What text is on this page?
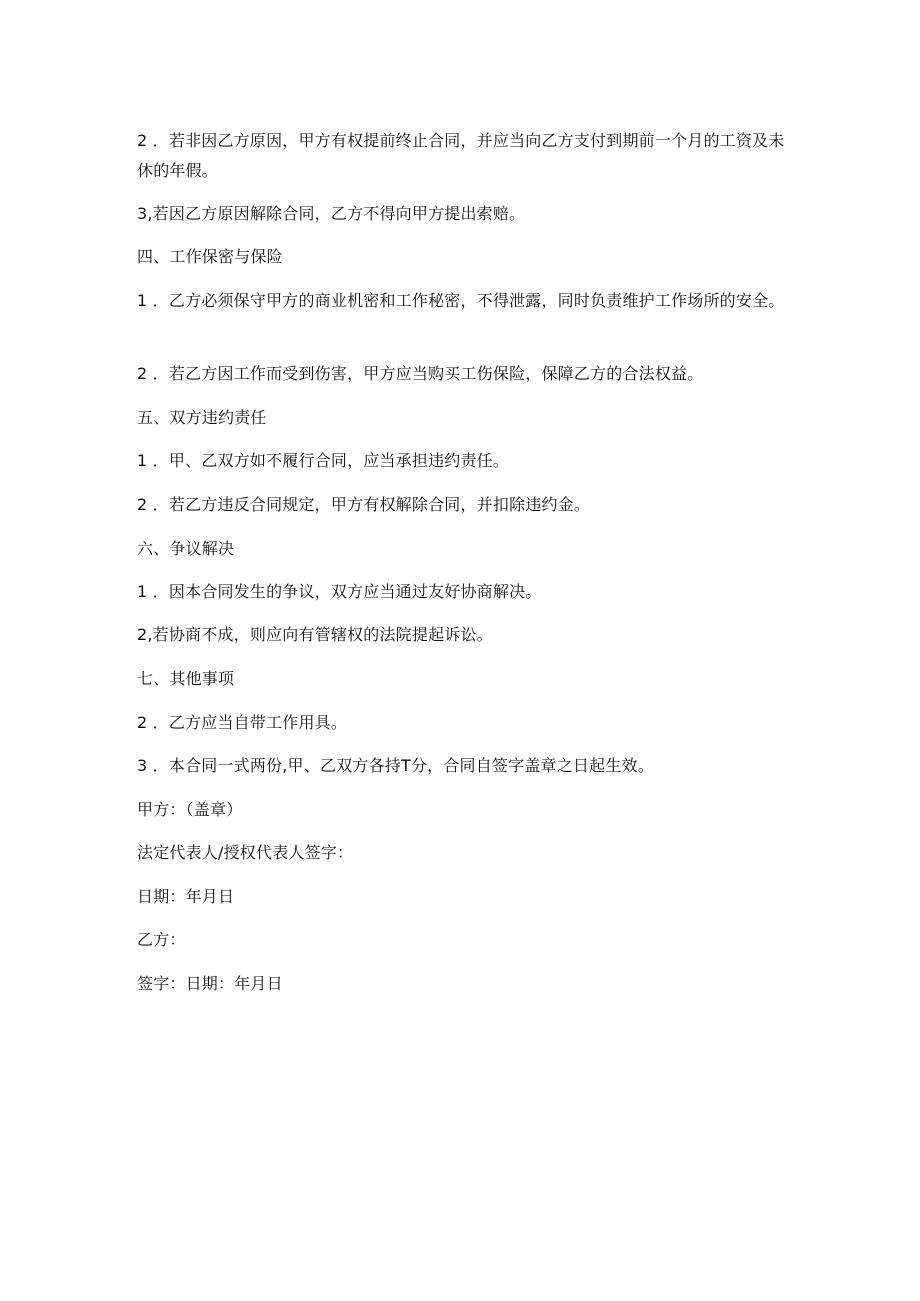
2 ．若非因乙方原因，甲方有权提前终止合同，并应当向乙方支付到期前一个月的工资及未休的年假。
3,若因乙方原因解除合同，乙方不得向甲方提出索赔。
四、工作保密与保险
1 ．乙方必须保守甲方的商业机密和工作秘密，不得泄露，同时负责维护工作场所的安全。
2 ．若乙方因工作而受到伤害，甲方应当购买工伤保险，保障乙方的合法权益。
五、双方违约责任
1 ．甲、乙双方如不履行合同，应当承担违约责任。
2 ．若乙方违反合同规定，甲方有权解除合同，并扣除违约金。
六、争议解决
1 ．因本合同发生的争议，双方应当通过友好协商解决。
2,若协商不成，则应向有管辖权的法院提起诉讼。
七、其他事项
2 ．乙方应当自带工作用具。
3 ．本合同一式两份,甲、乙双方各持T分，合同自签字盖章之日起生效。
甲方：（盖章）
法定代表人/授权代表人签字：
日期：年月日
乙方：
签字：日期：年月日
